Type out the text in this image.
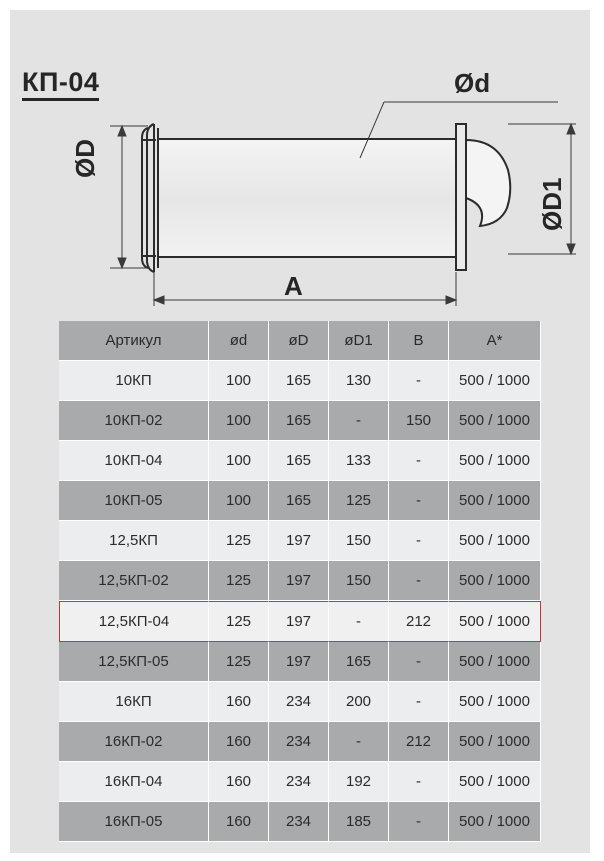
КП-04	Ød
A
ØD
ØD1
Артикул	ød	øD	øD1	B	A*
10КП	100	165	130	-	500 / 1000
10КП-02	100	165	-	150	500 / 1000
10КП-04	100	165	133	-	500 / 1000
10КП-05	100	165	125	-	500 / 1000
12,5КП	125	197	150	-	500 / 1000
12,5КП-02	125	197	150	-	500 / 1000
12,5КП-04	125	197	-	212	500 / 1000
12,5КП-05	125	197	165	-	500 / 1000
16КП	160	234	200	-	500 / 1000
16КП-02	160	234	-	212	500 / 1000
16КП-04	160	234	192	-	500 / 1000
16КП-05	160	234	185	-	500 / 1000
